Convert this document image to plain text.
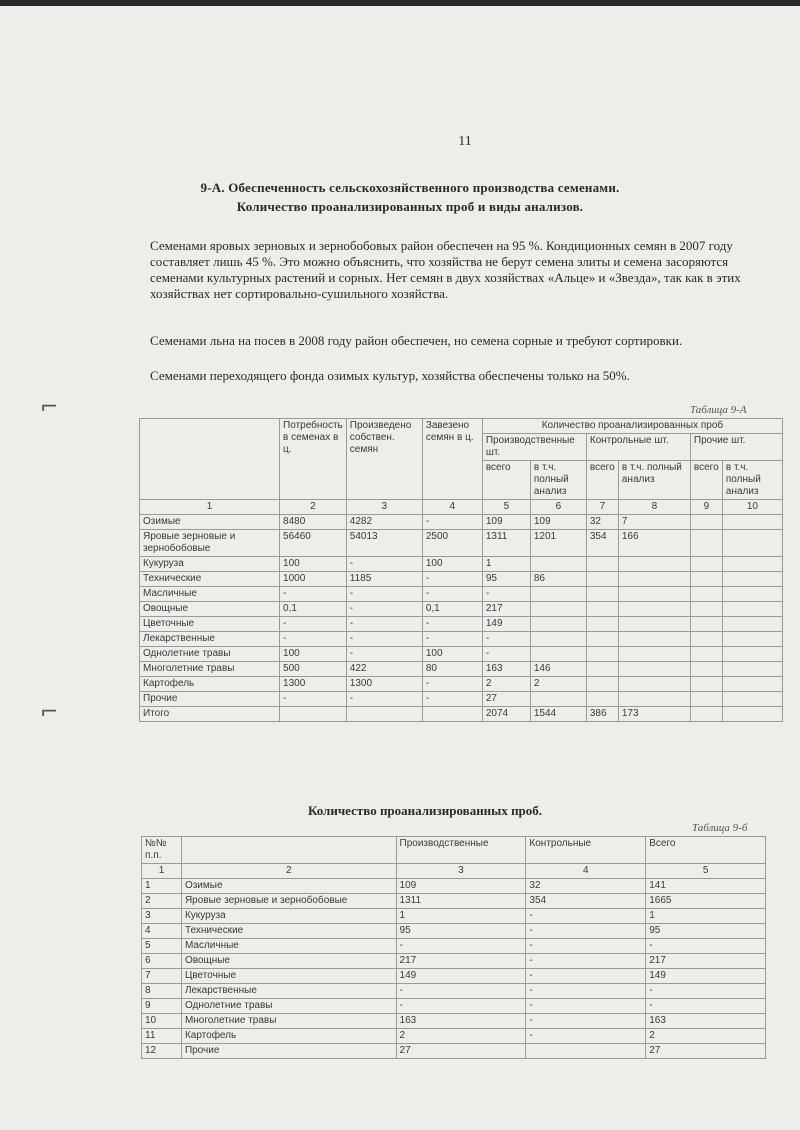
⌐
⌐
11
9-А. Обеспеченность сельскохозяйственного производства семенами.
Количество проанализированных проб и виды анализов.
Семенами яровых зерновых и зернобобовых район обеспечен на 95 %. Кондиционных семян в 2007 году составляет лишь 45 %. Это можно объяснить, что хозяйства не берут семена элиты и семена засоряются семенами культурных растений и сорных. Нет семян в двух хозяйствах «Альце» и «Звезда», так как в этих хозяйствах нет сортировально-сушильного хозяйства.
Семенами льна на посев в 2008 году район обеспечен, но семена сорные и требуют сортировки.
Семенами переходящего фонда озимых культур, хозяйства обеспечены только на 50%.
Таблица 9-А
	Потребность в семенах в ц.	Произведено собствен. семян	Завезено семян в ц.	Количество проанализированных проб					
				Производственные шт.		Контрольные шт.		Прочие шт.	
				всего	в т.ч. полный анализ	всего	в т.ч. полный анализ	всего	в т.ч. полный анализ
1	2	3	4	5	6	7	8	9	10
Озимые	8480	4282	-	109	109	32	7		
Яровые зерновые и зернобобовые	56460	54013	2500	1311	1201	354	166		
Кукуруза	100	-	100	1					
Технические	1000	1185	-	95	86				
Масличные	-	-	-	-					
Овощные	0,1	-	0,1	217					
Цветочные	-	-	-	149					
Лекарственные	-	-	-	-					
Однолетние травы	100	-	100	-					
Многолетние травы	500	422	80	163	146				
Картофель	1300	1300	-	2	2				
Прочие	-	-	-	27					
Итого				2074	1544	386	173		
Количество проанализированных проб.
Таблица 9-б
№№ п.п.		Производственные	Контрольные	Всего
1	2	3	4	5
1	Озимые	109	32	141
2	Яровые зерновые и зернобобовые	1311	354	1665
3	Кукуруза	1	-	1
4	Технические	95	-	95
5	Масличные	-	-	-
6	Овощные	217	-	217
7	Цветочные	149	-	149
8	Лекарственные	-	-	-
9	Однолетние травы	-	-	-
10	Многолетние травы	163	-	163
11	Картофель	2	-	2
12	Прочие	27		27
